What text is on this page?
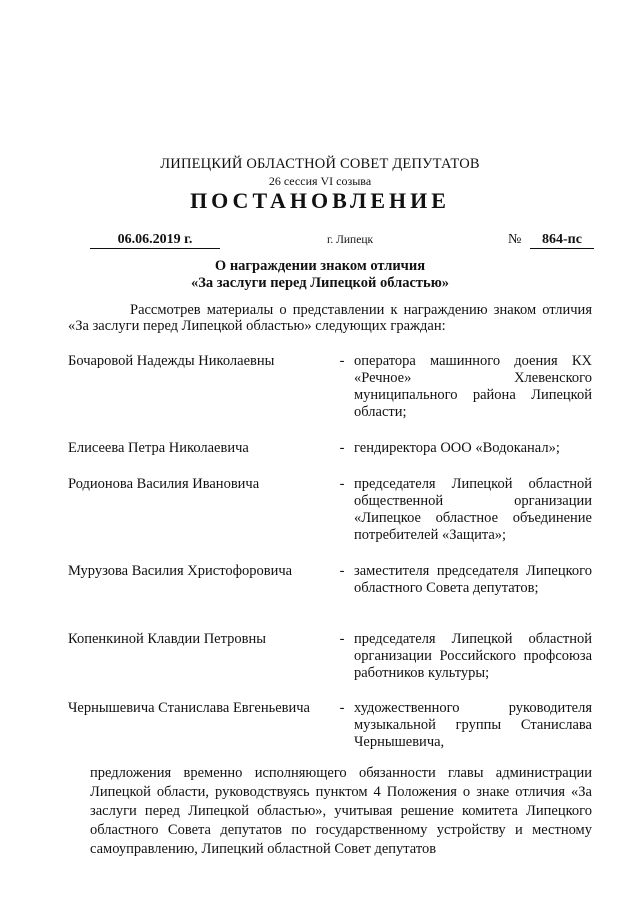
ЛИПЕЦКИЙ ОБЛАСТНОЙ СОВЕТ ДЕПУТАТОВ
26 сессия VI созыва
ПОСТАНОВЛЕНИЕ
06.06.2019 г.	г. Липецк	№	864-пс
О награждении знаком отличия
«За заслуги перед Липецкой областью»
Рассмотрев материалы о представлении к награждению знаком отличия «За заслуги перед Липецкой областью» следующих граждан:
Бочаровой Надежды Николаевны	- оператора машинного доения КХ «Речное» Хлевенского муниципального района Липецкой области;
Елисеева Петра Николаевича	- гендиректора ООО «Водоканал»;
Родионова Василия Ивановича	- председателя Липецкой областной общественной организации «Липецкое областное объединение потребителей «Защита»;
Мурузова Василия Христофоровича	- заместителя председателя Липецкого областного Совета депутатов;
Копенкиной Клавдии Петровны	- председателя Липецкой областной организации Российского профсоюза работников культуры;
Чернышевича Станислава Евгеньевича	- художественного руководителя музыкальной группы Станислава Чернышевича,
предложения временно исполняющего обязанности главы администрации Липецкой области, руководствуясь пунктом 4 Положения о знаке отличия «За заслуги перед Липецкой областью», учитывая решение комитета Липецкого областного Совета депутатов по государственному устройству и местному самоуправлению, Липецкий областной Совет депутатов
